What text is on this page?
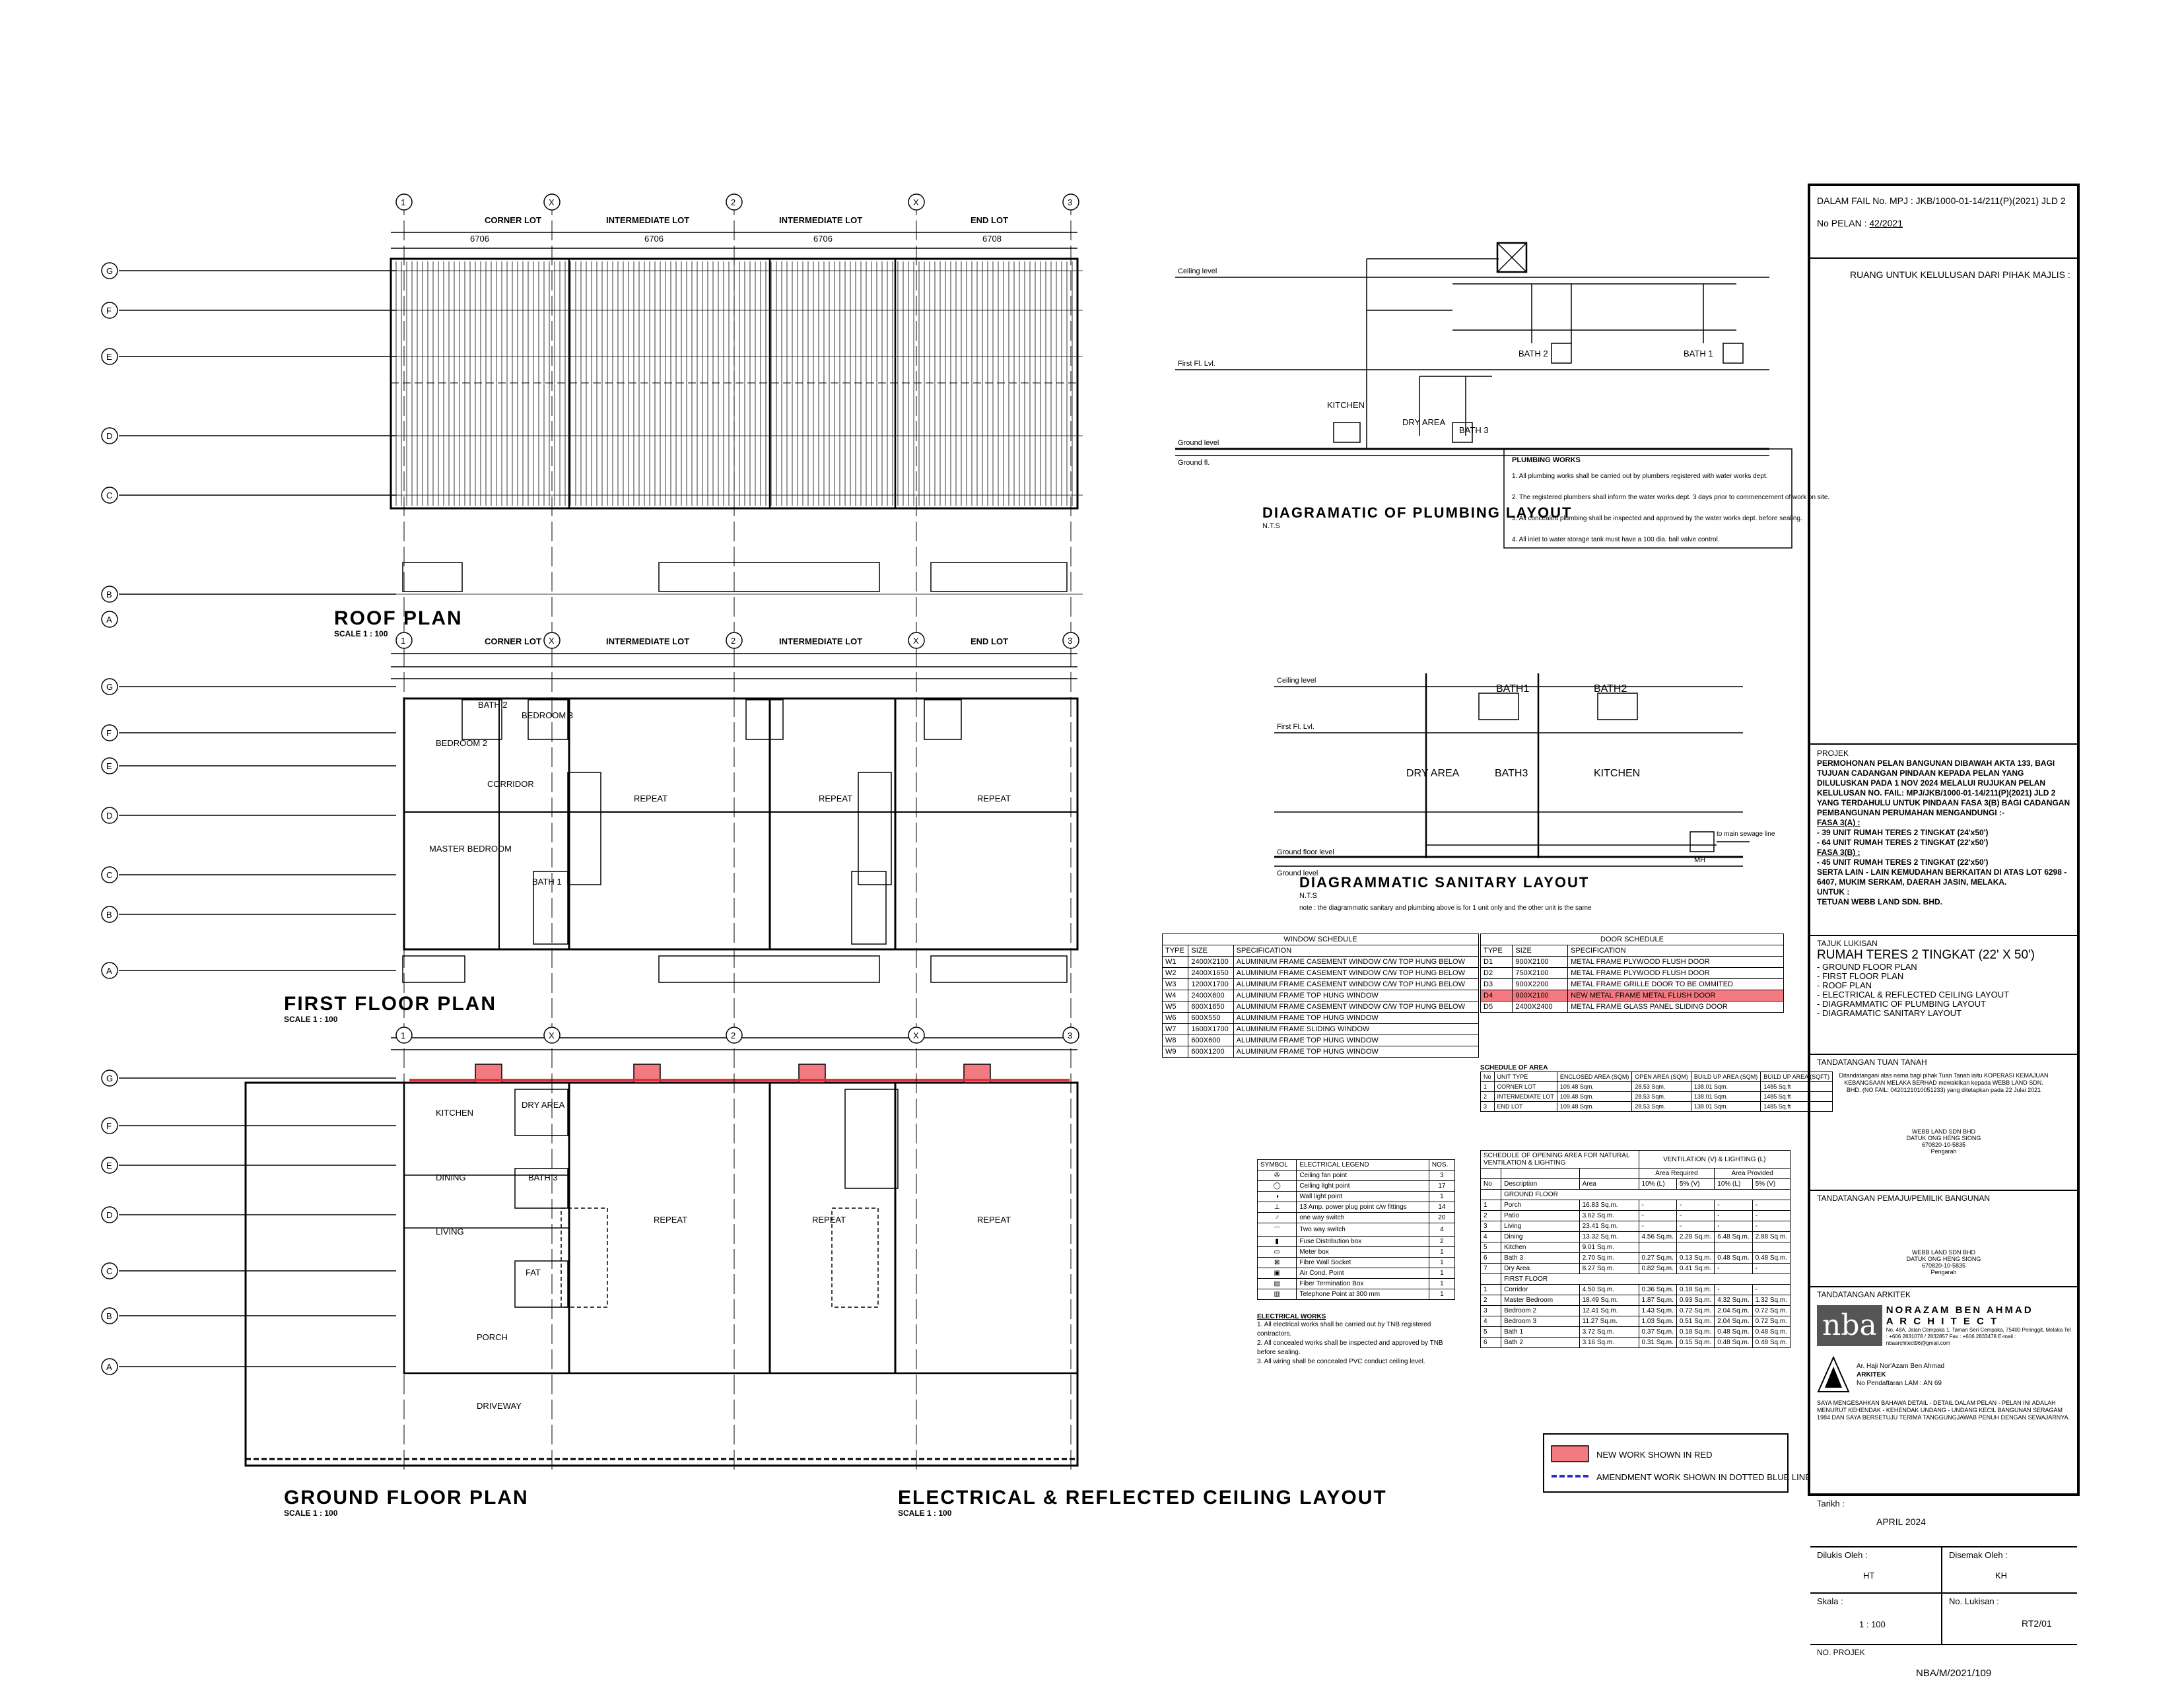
G
F
E
D
C
B
A
G
F
E
D
C
B
A
G
F
E
D
C
B
A
1	X	2	X	3
1	X	2	X	3
1	X	2	X	3
CORNER LOT	INTERMEDIATE LOT	INTERMEDIATE LOT	END LOT
6706	6706	6706	6708
CORNER LOT	INTERMEDIATE LOT	INTERMEDIATE LOT	END LOT
BEDROOM 2
BEDROOM 3
CORRIDOR
MASTER BEDROOM
BATH 2
BATH 1
REPEAT	REPEAT	REPEAT
KITCHEN
DRY AREA
DINING
LIVING
BATH 3
FAT
PORCH
DRIVEWAY
REPEAT	REPEAT	REPEAT
Ceiling level
First Fl. Lvl.
Ground level
Ground fl.
KITCHEN
DRY AREA
BATH 3
BATH 2	BATH 1
PLUMBING WORKS
1. All plumbing works shall be carried out by plumbers registered with water works dept.
2. The registered plumbers shall inform the water works dept. 3 days prior to commencement of work on site.
3. All concealed plumbing shall be inspected and approved by the water works dept. before sealing.
4. All inlet to water storage tank must have a 100 dia. ball valve control.
Ceiling level
First Fl. Lvl.
Ground floor level
Ground level
BATH1	BATH2
DRY AREA	BATH3	KITCHEN
MH
to main sewage line
NEW WORK SHOWN IN RED
AMENDMENT WORK SHOWN IN DOTTED BLUE LINE
ROOF PLAN
SCALE 1 : 100
FIRST FLOOR PLAN
SCALE 1 : 100
GROUND FLOOR PLAN
SCALE 1 : 100
ELECTRICAL & REFLECTED CEILING LAYOUT
SCALE 1 : 100
DIAGRAMATIC OF PLUMBING LAYOUT
N.T.S
DIAGRAMMATIC SANITARY LAYOUT
N.T.S
note : the diagrammatic sanitary and plumbing above is for 1 unit only and the other unit is the same
WINDOW SCHEDULE		
TYPE	SIZE	SPECIFICATION
W1	2400X2100	ALUMINIUM FRAME CASEMENT WINDOW C/W TOP HUNG BELOW
W2	2400X1650	ALUMINIUM FRAME CASEMENT WINDOW C/W TOP HUNG BELOW
W3	1200X1700	ALUMINIUM FRAME CASEMENT WINDOW C/W TOP HUNG BELOW
W4	2400X600	ALUMINIUM FRAME TOP HUNG WINDOW
W5	600X1650	ALUMINIUM FRAME CASEMENT WINDOW C/W TOP HUNG BELOW
W6	600X550	ALUMINIUM FRAME TOP HUNG WINDOW
W7	1600X1700	ALUMINIUM FRAME SLIDING WINDOW
W8	600X600	ALUMINIUM FRAME TOP HUNG WINDOW
W9	600X1200	ALUMINIUM FRAME TOP HUNG WINDOW
DOOR SCHEDULE		
TYPE	SIZE	SPECIFICATION
D1	900X2100	METAL FRAME PLYWOOD FLUSH DOOR
D2	750X2100	METAL FRAME PLYWOOD FLUSH DOOR
D3	900X2200	METAL FRAME GRILLE DOOR TO BE OMMITED
D4	900X2100	NEW METAL FRAME METAL FLUSH DOOR
D5	2400X2400	METAL FRAME GLASS PANEL SLIDING DOOR
SCHEDULE OF AREA
No	UNIT TYPE	ENCLOSED AREA (SQM)	OPEN AREA (SQM)	BUILD UP AREA (SQM)	BUILD UP AREA (SQFT)
1	CORNER LOT	109.48 Sqm.	28.53 Sqm.	138.01 Sqm.	1485 Sq.ft
2	INTERMEDIATE LOT	109.48 Sqm.	28.53 Sqm.	138.01 Sqm.	1485 Sq.ft
3	END LOT	109.48 Sqm.	28.53 Sqm.	138.01 Sqm.	1485 Sq.ft
SYMBOL	ELECTRICAL LEGEND	NOS.
✇	Ceiling fan point	3
◯	Ceiling light point	17
◑	Wall light point	1
⊥	13 Amp. power plug point c/w fittings	14
♂	one way switch	20
⌒	Two way switch	4
▮	Fuse Distribution box	2
▭	Meter box	1
⊠	Fibre Wall Socket	1
▣	Air Cond. Point	1
▤	Fiber Termination Box	1
▥	Telephone Point at 300 mm	1
ELECTRICAL WORKS
1. All electrical works shall be carried out by TNB registered contractors.
2. All concealed works shall be inspected and approved by TNB before sealing.
3. All wiring shall be concealed PVC conduct ceiling level.
SCHEDULE OF OPENING AREA FOR NATURAL VENTILATION & LIGHTING			VENTILATION (V) & LIGHTING (L)			
			Area Required		Area Provided	
No	Description	Area	10% (L)	5% (V)	10% (L)	5% (V)
	GROUND FLOOR					
1	Porch	16.83 Sq.m.	-	-	-	-
2	Patio	3.62 Sq.m.	-	-	-	-
3	Living	23.41 Sq.m.	-	-	-	-
4	Dining	13.32 Sq.m.	4.56 Sq.m.	2.28 Sq.m.	6.48 Sq.m.	2.88 Sq.m.
5	Kitchen	9.01 Sq.m.				
6	Bath 3	2.70 Sq.m.	0.27 Sq.m.	0.13 Sq.m.	0.48 Sq.m.	0.48 Sq.m.
7	Dry Area	8.27 Sq.m.	0.82 Sq.m.	0.41 Sq.m.	-	-
	FIRST FLOOR					
1	Corridor	4.50 Sq.m.	0.36 Sq.m.	0.18 Sq.m.	-	-
2	Master Bedroom	18.49 Sq.m.	1.87 Sq.m.	0.93 Sq.m.	4.32 Sq.m.	1.32 Sq.m.
3	Bedroom 2	12.41 Sq.m.	1.43 Sq.m.	0.72 Sq.m.	2.04 Sq.m.	0.72 Sq.m.
4	Bedroom 3	11.27 Sq.m.	1.03 Sq.m.	0.51 Sq.m.	2.04 Sq.m.	0.72 Sq.m.
5	Bath 1	3.72 Sq.m.	0.37 Sq.m.	0.18 Sq.m.	0.48 Sq.m.	0.48 Sq.m.
6	Bath 2	3.16 Sq.m.	0.31 Sq.m.	0.15 Sq.m.	0.48 Sq.m.	0.48 Sq.m.
DALAM FAIL No. MPJ : JKB/1000-01-14/211(P)(2021) JLD 2
No PELAN : 42/2021
RUANG UNTUK KELULUSAN DARI PIHAK MAJLIS :
PROJEK
PERMOHONAN PELAN BANGUNAN DIBAWAH AKTA 133, BAGI TUJUAN CADANGAN PINDAAN KEPADA PELAN YANG DILULUSKAN PADA 1 NOV 2024 MELALUI RUJUKAN PELAN KELULUSAN NO. FAIL: MPJ/JKB/1000-01-14/211(P)(2021) JLD 2 YANG TERDAHULU UNTUK PINDAAN FASA 3(B) BAGI CADANGAN PEMBANGUNAN PERUMAHAN MENGANDUNGI :-
FASA 3(A) :
- 39 UNIT RUMAH TERES 2 TINGKAT (24'x50')
- 64 UNIT RUMAH TERES 2 TINGKAT (22'x50')
FASA 3(B) :
- 45 UNIT RUMAH TERES 2 TINGKAT (22'x50')
SERTA LAIN - LAIN KEMUDAHAN BERKAITAN DI ATAS LOT 6298 - 6407, MUKIM SERKAM, DAERAH JASIN, MELAKA.
UNTUK :
TETUAN WEBB LAND SDN. BHD.
TAJUK LUKISAN
RUMAH TERES 2 TINGKAT (22' X 50')
- GROUND FLOOR PLAN
- FIRST FLOOR PLAN
- ROOF PLAN
- ELECTRICAL & REFLECTED CEILING LAYOUT
- DIAGRAMMATIC OF PLUMBING LAYOUT
- DIAGRAMATIC SANITARY LAYOUT
TANDATANGAN TUAN TANAH
Ditandatangani atas nama bagi pihak Tuan Tanah iaitu KOPERASI KEMAJUAN KEBANGSAAN MELAKA BERHAD mewakilkan kepada WEBB LAND SDN. BHD. (NO FAIL: 0420121010051233) yang ditetapkan pada 22 Julai 2021
WEBB LAND SDN BHD
DATUK ONG HENG SIONG
670820-10-5835
Pengarah
TANDATANGAN PEMAJU/PEMILIK BANGUNAN
WEBB LAND SDN BHD
DATUK ONG HENG SIONG
670820-10-5835
Pengarah
TANDATANGAN ARKITEK
nba NORAZAM BEN AHMAD
A R C H I T E C T
No. 48A, Jalan Cempaka 1, Taman Seri Cempaka, 75400 Peringgit, Melaka Tel : +606 2831078 / 2832857 Fax : +606 2833478 E-mail : nbaarchitect96@gmail.com
Ar. Haji Nor'Azam Ben Ahmad
ARKITEK
No Pendaftaran LAM : AN 69
SAYA MENGESAHKAN BAHAWA DETAIL - DETAIL DALAM PELAN - PELAN INI ADALAH MENURUT KEHENDAK - KEHENDAK UNDANG - UNDANG KECIL BANGUNAN SERAGAM 1984 DAN SAYA BERSETUJU TERIMA TANGGUNGJAWAB PENUH DENGAN SEWAJARNYA.
Tarikh :
APRIL 2024
Dilukis Oleh :
HT
Disemak Oleh :
KH
Skala :
1 : 100
No. Lukisan :
RT2/01
NO. PROJEK
NBA/M/2021/109
